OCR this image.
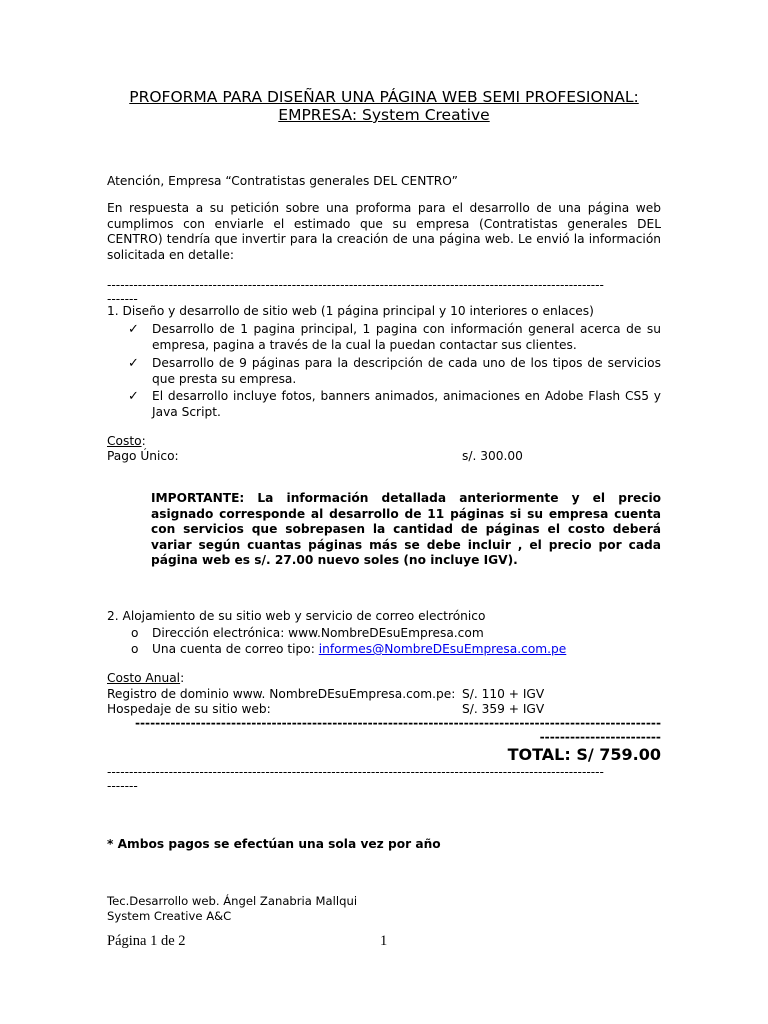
PROFORMA PARA DISEÑAR UNA PÁGINA WEB SEMI PROFESIONAL:
EMPRESA: System Creative
Atención, Empresa “Contratistas generales DEL CENTRO”
En respuesta a su petición sobre una proforma para el desarrollo de una página web cumplimos con enviarle el estimado que su empresa (Contratistas generales DEL CENTRO) tendría que invertir para la creación de una página web. Le envió la información solicitada en detalle:
-----------------------------------------------------------------------------------------------------------------
-------
1. Diseño y desarrollo de sitio web (1 página principal y 10 interiores o enlaces)
✓ Desarrollo de 1 pagina principal, 1 pagina con información general acerca de su empresa, pagina a través de la cual la puedan contactar sus clientes.
✓ Desarrollo de 9 páginas para la descripción de cada uno de los tipos de servicios que presta su empresa.
✓ El desarrollo incluye fotos, banners animados, animaciones en Adobe Flash CS5 y Java Script.
Costo:
Pago Único:	s/. 300.00
IMPORTANTE: La información detallada anteriormente y el precio asignado corresponde al desarrollo de 11 páginas si su empresa cuenta con servicios que sobrepasen la cantidad de páginas el costo deberá variar según cuantas páginas más se debe incluir , el precio por cada página web es s/. 27.00 nuevo soles (no incluye IGV).
2. Alojamiento de su sitio web y servicio de correo electrónico
o Dirección electrónica: www.NombreDEsuEmpresa.com
o Una cuenta de correo tipo: informes@NombreDEsuEmpresa.com.pe
Costo Anual:
Registro de dominio www. NombreDEsuEmpresa.com.pe: S/. 110 + IGV
Hospedaje de su sitio web:	S/. 359 + IGV
--------------------------------------------------------------------------------------------------------
------------------------
TOTAL: S/ 759.00
-----------------------------------------------------------------------------------------------------------------
-------
* Ambos pagos se efectúan una sola vez por año
Tec.Desarrollo web. Ángel Zanabria Mallqui
System Creative A&C
Página 1 de 2	1
